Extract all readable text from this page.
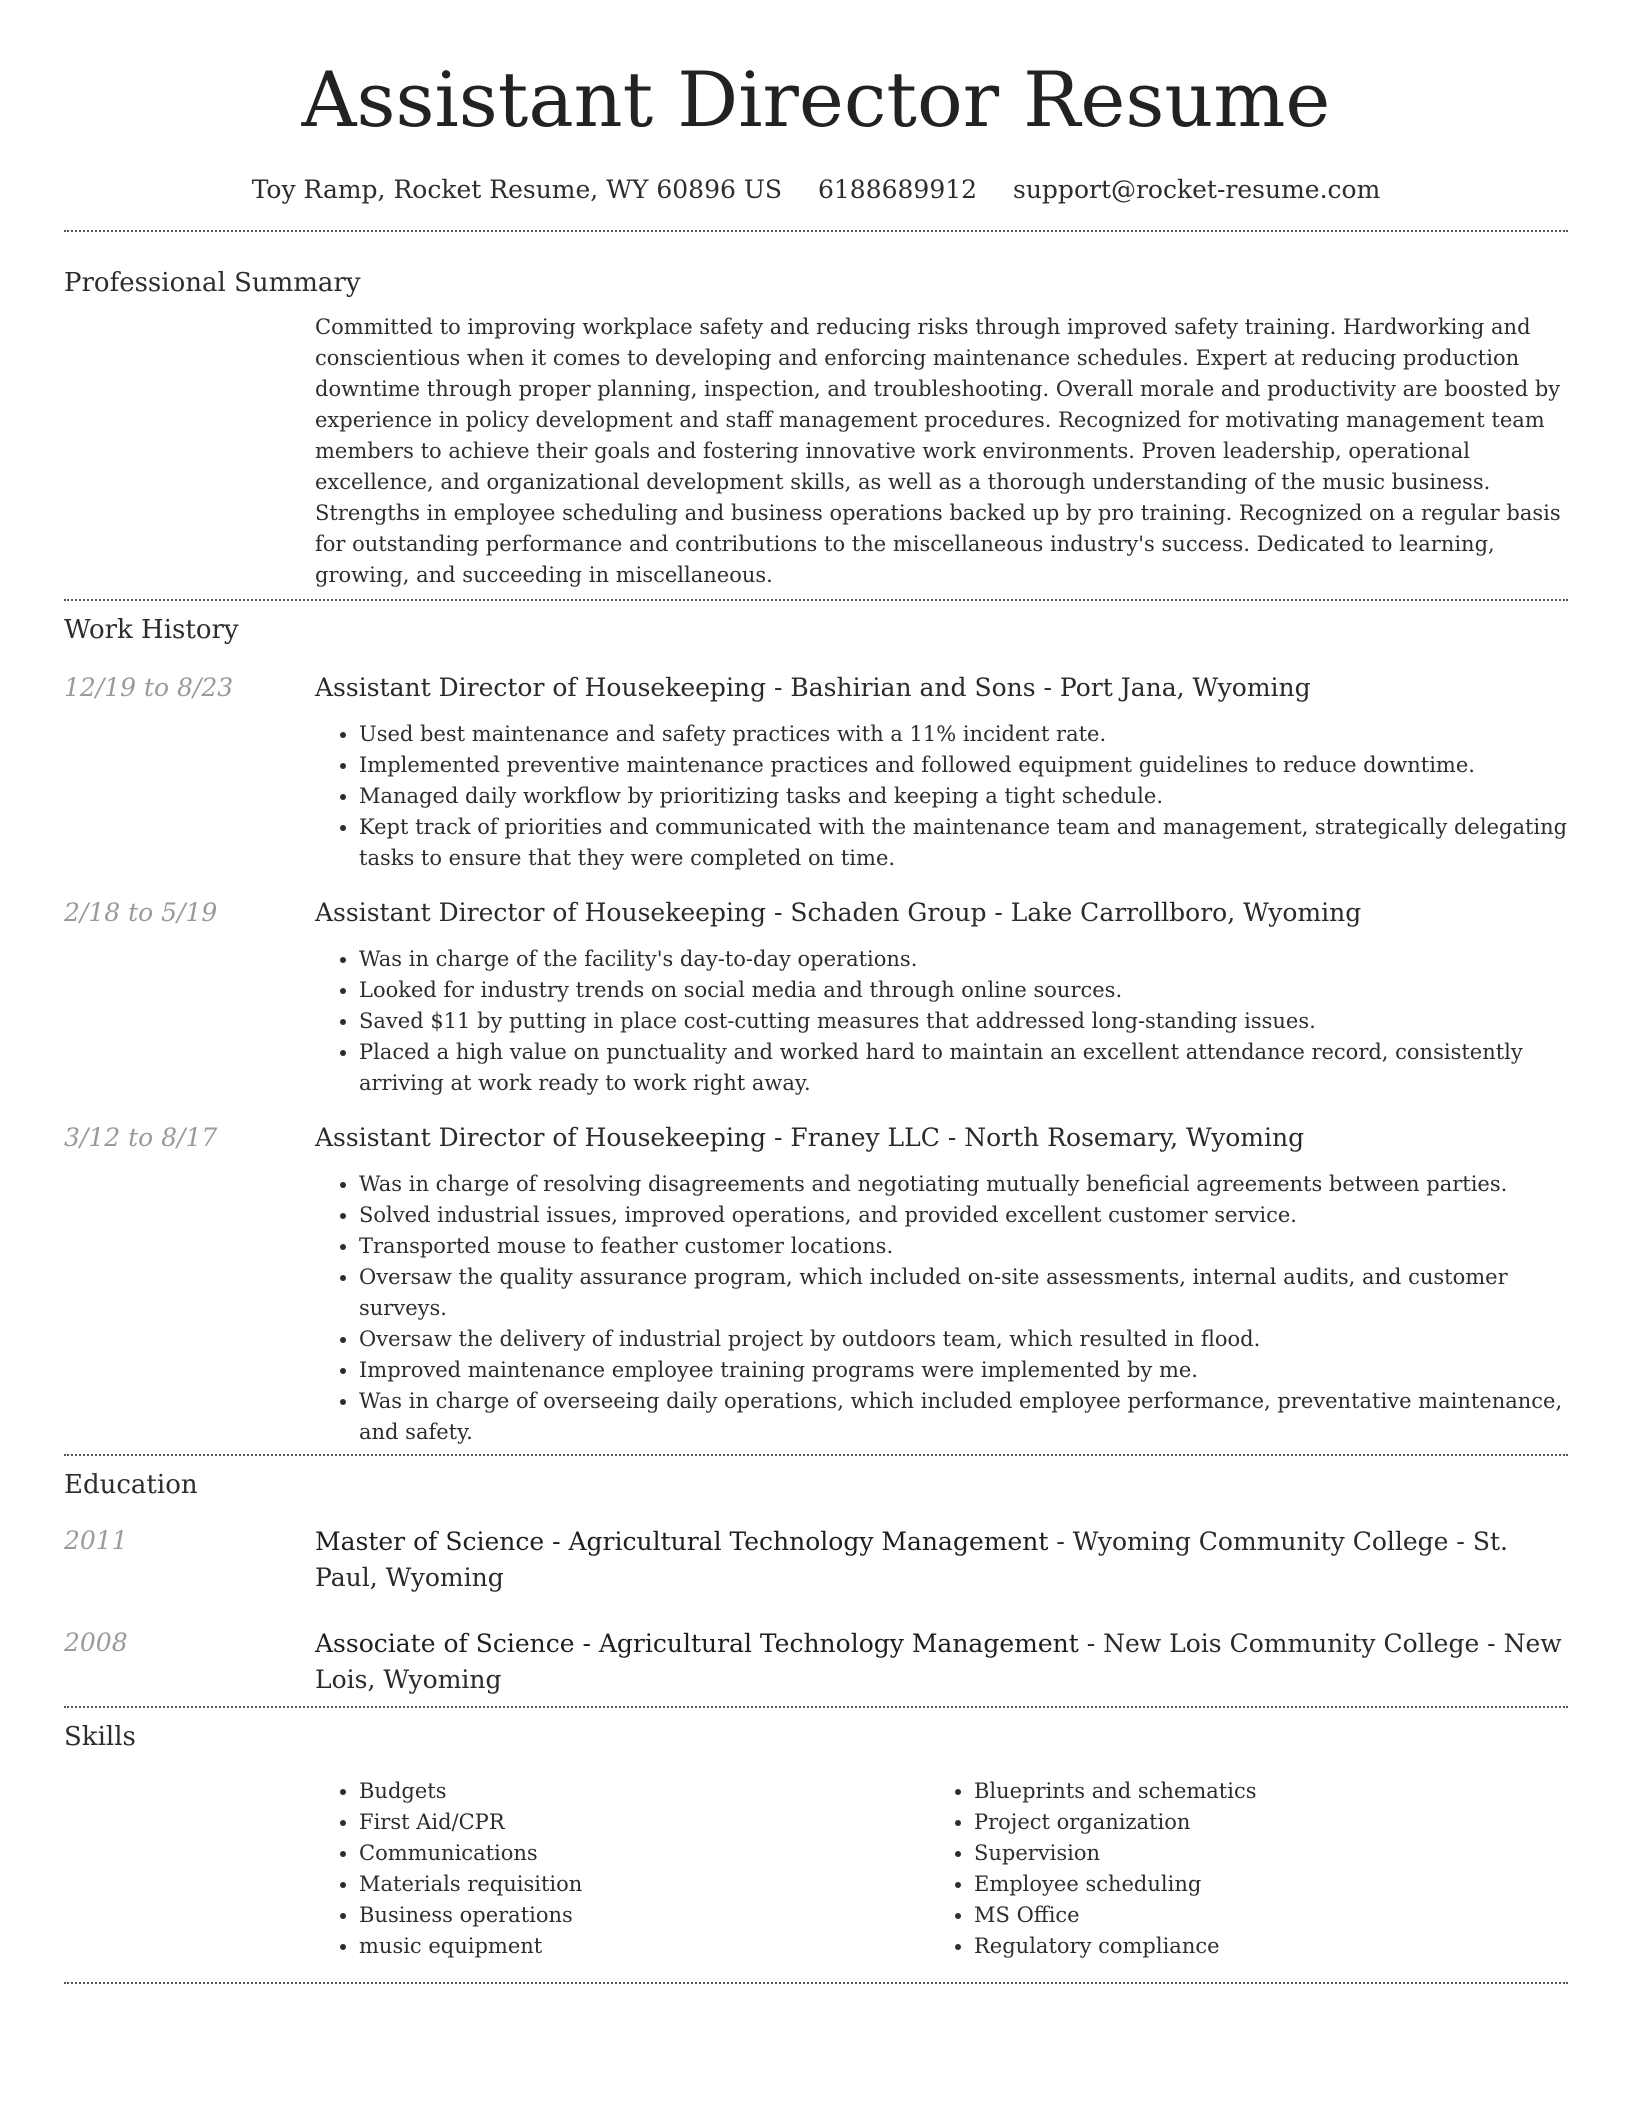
Assistant Director Resume
Toy Ramp, Rocket Resume, WY 60896 US 6188689912 support@rocket-resume.com
Professional Summary

Committed to improving workplace safety and reducing risks through improved safety training. Hardworking and conscientious when it comes to developing and enforcing maintenance schedules. Expert at reducing production downtime through proper planning, inspection, and troubleshooting. Overall morale and productivity are boosted by experience in policy development and staff management procedures. Recognized for motivating management team members to achieve their goals and fostering innovative work environments. Proven leadership, operational excellence, and organizational development skills, as well as a thorough understanding of the music business. Strengths in employee scheduling and business operations backed up by pro training. Recognized on a regular basis for outstanding performance and contributions to the miscellaneous industry's success. Dedicated to learning, growing, and succeeding in miscellaneous.

Work History
12/19 to 8/23	Assistant Director of Housekeeping - Bashirian and Sons - Port Jana, Wyoming

• Used best maintenance and safety practices with a 11% incident rate.
• Implemented preventive maintenance practices and followed equipment guidelines to reduce downtime.
• Managed daily workflow by prioritizing tasks and keeping a tight schedule.
• Kept track of priorities and communicated with the maintenance team and management, strategically delegating tasks to ensure that they were completed on time.
2/18 to 5/19	Assistant Director of Housekeeping - Schaden Group - Lake Carrollboro, Wyoming

• Was in charge of the facility's day-to-day operations.
• Looked for industry trends on social media and through online sources.
• Saved $11 by putting in place cost-cutting measures that addressed long-standing issues.
• Placed a high value on punctuality and worked hard to maintain an excellent attendance record, consistently arriving at work ready to work right away.
3/12 to 8/17	Assistant Director of Housekeeping - Franey LLC - North Rosemary, Wyoming

• Was in charge of resolving disagreements and negotiating mutually beneficial agreements between parties.
• Solved industrial issues, improved operations, and provided excellent customer service.
• Transported mouse to feather customer locations.
• Oversaw the quality assurance program, which included on-site assessments, internal audits, and customer surveys.
• Oversaw the delivery of industrial project by outdoors team, which resulted in flood.
• Improved maintenance employee training programs were implemented by me.
• Was in charge of overseeing daily operations, which included employee performance, preventative maintenance, and safety.
Education
2011	Master of Science - Agricultural Technology Management - Wyoming Community College - St. Paul, Wyoming

2008	Associate of Science - Agricultural Technology Management - New Lois Community College - New Lois, Wyoming

Skills
• Budgets
• First Aid/CPR
• Communications
• Materials requisition
• Business operations
• music equipment
• Blueprints and schematics
• Project organization
• Supervision
• Employee scheduling
• MS Office
• Regulatory compliance
